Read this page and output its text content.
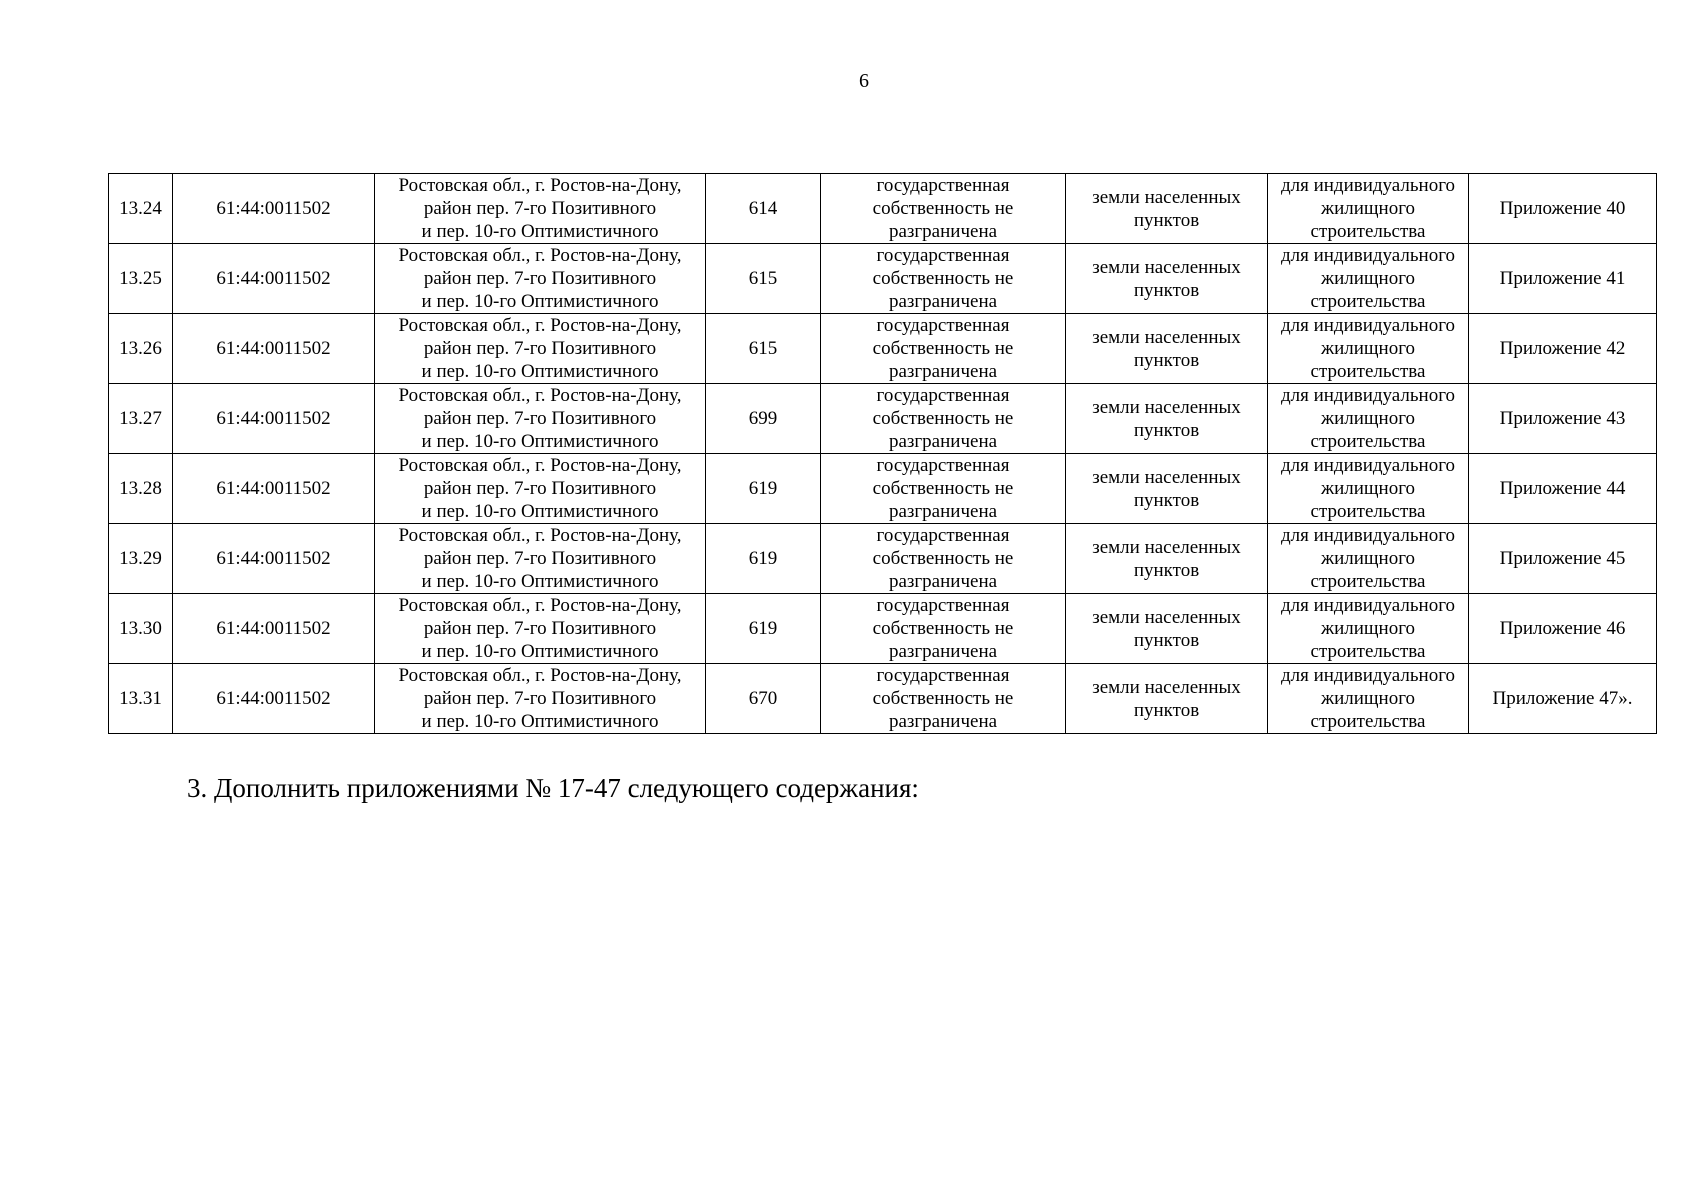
6
13.24	61:44:0011502	Ростовская обл., г. Ростов-на-Дону,
район пер. 7-го Позитивного
и пер. 10-го Оптимистичного	614	государственная
собственность не
разграничена	земли населенных
пунктов	для индивидуального
жилищного
строительства	Приложение 40
13.25	61:44:0011502	Ростовская обл., г. Ростов-на-Дону,
район пер. 7-го Позитивного
и пер. 10-го Оптимистичного	615	государственная
собственность не
разграничена	земли населенных
пунктов	для индивидуального
жилищного
строительства	Приложение 41
13.26	61:44:0011502	Ростовская обл., г. Ростов-на-Дону,
район пер. 7-го Позитивного
и пер. 10-го Оптимистичного	615	государственная
собственность не
разграничена	земли населенных
пунктов	для индивидуального
жилищного
строительства	Приложение 42
13.27	61:44:0011502	Ростовская обл., г. Ростов-на-Дону,
район пер. 7-го Позитивного
и пер. 10-го Оптимистичного	699	государственная
собственность не
разграничена	земли населенных
пунктов	для индивидуального
жилищного
строительства	Приложение 43
13.28	61:44:0011502	Ростовская обл., г. Ростов-на-Дону,
район пер. 7-го Позитивного
и пер. 10-го Оптимистичного	619	государственная
собственность не
разграничена	земли населенных
пунктов	для индивидуального
жилищного
строительства	Приложение 44
13.29	61:44:0011502	Ростовская обл., г. Ростов-на-Дону,
район пер. 7-го Позитивного
и пер. 10-го Оптимистичного	619	государственная
собственность не
разграничена	земли населенных
пунктов	для индивидуального
жилищного
строительства	Приложение 45
13.30	61:44:0011502	Ростовская обл., г. Ростов-на-Дону,
район пер. 7-го Позитивного
и пер. 10-го Оптимистичного	619	государственная
собственность не
разграничена	земли населенных
пунктов	для индивидуального
жилищного
строительства	Приложение 46
13.31	61:44:0011502	Ростовская обл., г. Ростов-на-Дону,
район пер. 7-го Позитивного
и пер. 10-го Оптимистичного	670	государственная
собственность не
разграничена	земли населенных
пунктов	для индивидуального
жилищного
строительства	Приложение 47».
3. Дополнить приложениями № 17-47 следующего содержания:
